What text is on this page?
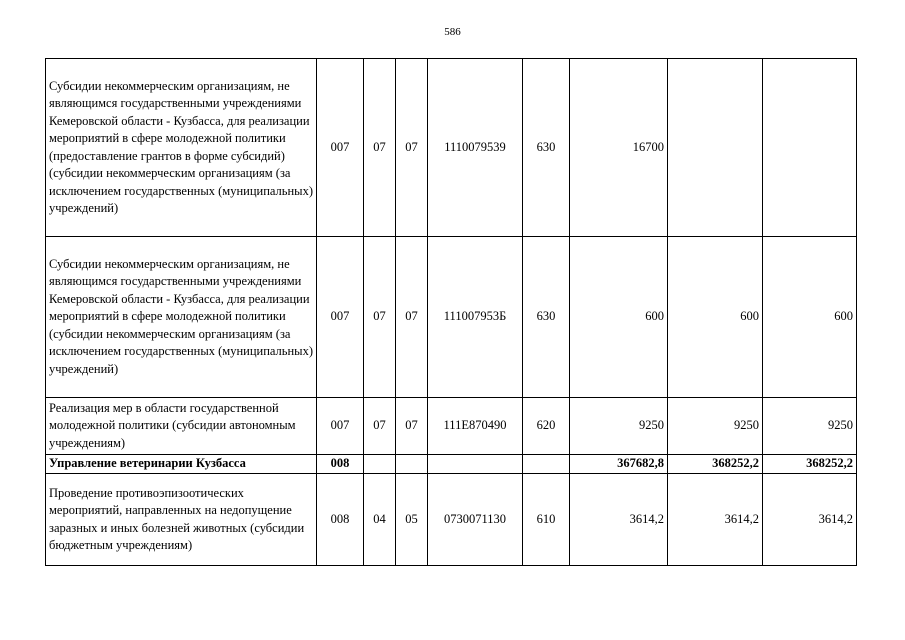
586
Субсидии некоммерческим организациям, не являющимся государственными учреждениями Кемеровской области - Кузбасса, для реализации мероприятий в сфере молодежной политики (предоставление грантов в форме субсидий) (субсидии некоммерческим организациям (за исключением государственных (муниципальных) учреждений)	007	07	07	1110079539	630	16700		
Субсидии некоммерческим организациям, не являющимся государственными учреждениями Кемеровской области - Кузбасса, для реализации мероприятий в сфере молодежной политики (субсидии некоммерческим организациям (за исключением государственных (муниципальных) учреждений)	007	07	07	111007953Б	630	600	600	600
Реализация мер в области государственной молодежной политики (субсидии автономным учреждениям)	007	07	07	111E870490	620	9250	9250	9250
Управление ветеринарии Кузбасса	008					367682,8	368252,2	368252,2
Проведение противоэпизоотических мероприятий, направленных на недопущение заразных и иных болезней животных (субсидии бюджетным учреждениям)	008	04	05	0730071130	610	3614,2	3614,2	3614,2
